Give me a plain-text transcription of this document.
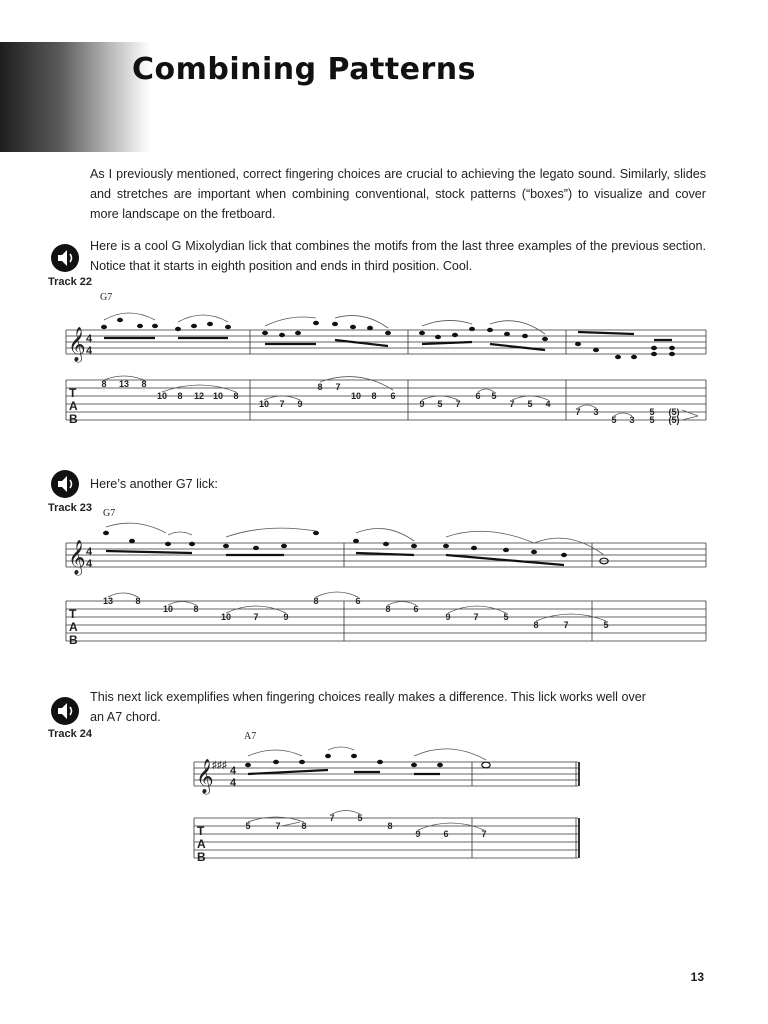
Combining Patterns

As I previously mentioned, correct fingering choices are crucial to achieving the legato sound. Similarly, slides and stretches are important when combining conventional, stock patterns (“boxes”) to visualize and cover more landscape on the fretboard.

Track 22

Here is a cool G Mixolydian lick that combines the motifs from the last three examples of the previous section. Notice that it starts in eighth position and ends in third position. Cool.

G7
𝄞 4
4
T
A
B
8 13 8
10 8 12 10 8
10 7 9
8 7
10 8 6
9 5 7
6 5
7 5 4
7 3
5 3
5
5
(5)
(5)
Track 23

Here’s another G7 lick:

G7
𝄞 4
4
T
A
B
13 8
10 8
10 7	9
8	6
8	6
9	7	5
8	7	5
Track 24

This next lick exemplifies when fingering choices really makes a difference. This lick works well over an A7 chord.

A7
𝄞
♯♯♯ 4
4
T
A
B
5	7 8
7	5
8
9	6	7
13
